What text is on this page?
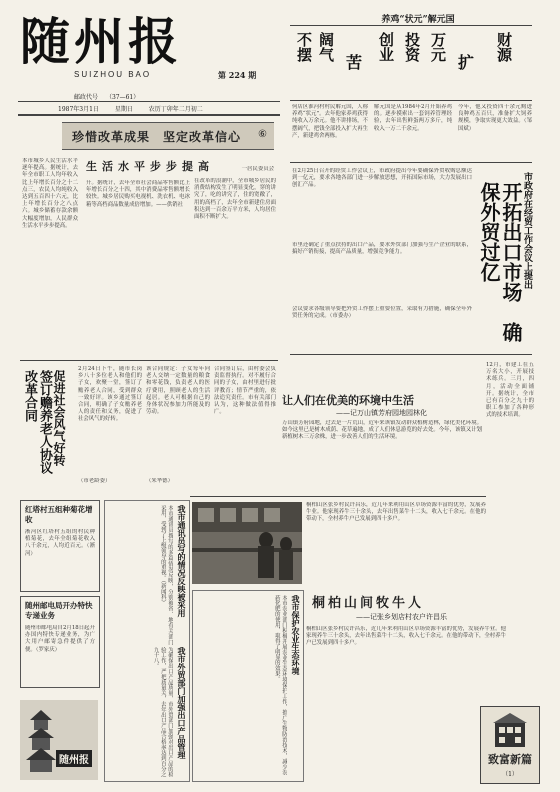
随州报
SUIZHOU BAO	第 224 期
邮政代号 （37—61）
1987年3月1日	星期日	农历丁卯年二月初二
养鸡“状元”解元国
不摆 阔气
苦
创业 投资 万元
扩
财源
何店区淮河村村民解元国，人称养鸡“状元”。去年他家养鸡获得纯收入万余元。他不讲排场，不摆阔气，把钱全部投入扩大再生产，新建鸡舍两栋。
解元国是从1984年2月开始养鸡的。逐步摸索出一套饲养管理经验，去年出售鲜蛋两万多斤，纯收入一万二千余元。
今年，他又投资四千余元购进良种鸡五百只，准备扩大饲养规模，争取实现更大效益。（邹国斌）
珍惜改革成果　坚定改革信心 ⑥
本市城乡人民生活水平逐年提高。据统计，去年全市职工人均年收入比上年增长百分之十二点三，农民人均纯收入达到五百四十六元，比上年增长百分之八点六。城乡储蓄存款余额大幅度增加，人民群众生活水平步步提高。
生活水平步步提高
升。据统计，去年全市社会商品零售额比上年增长百分之十四，其中消费品零售额增长较快。城乡居民购买电视机、洗衣机、电冰箱等高档商品数量成倍增加。——供销社
一居民委员会
在改革的浪潮中，全市城乡居民的消费结构发生了明显变化，穿的讲究了，吃的讲究了，住的宽敞了，用的高档了，去年全市新建住房面积达到一百余万平方米，人均居住面积不断扩大。
促进社会风气好转
签订赡养老人协议改革合同
2月24日下午，随市长岗乡八十多位老人和他们的子女，欢聚一堂，签订了赡养老人合同，受到群众一致好评。该乡通过签订合同，明确了子女赡养老人的责任和义务，促进了社会风气的好转。
（市老龄委）
该合同规定：子女每年向老人交纳一定数量的粮食和零花钱，负责老人的医疗费用，照顾老人的生活起居。老人可根据自己的身体状况参加力所能及的劳动。
（朱华德）
合同签订后，由村委会负责监督执行。对不履行合同的子女，由村里进行批评教育；情节严重的，依法追究责任。市有关部门认为，这种做法值得推广。
市政府在经贸工作会议上提出
开拓出口市场　确保外贸过亿
在2月25日召开的经贸工作会议上，市政府提出今年要确保外贸收购总额达到一亿元，要求各地各部门进一步解放思想，开拓国际市场，大力发展出口创汇产品。
市里还确定了重点扶持的出口产品，要求外贸部门加强与生产企业的联系，搞好产销衔接，提高产品质量，增强竞争能力。
会议要求各级领导要把外贸工作摆上重要位置，采取有力措施，确保全年外贸任务的完成。（市委办）
让人们在优美的环境中生活
——记万山镇芳府园地园林化
万山镇芳府园地，过去是一片荒山，近年来该镇发动群众植树造林，绿化美化环境。如今这里已是树木成荫、花草遍地，成了人们休息游览的好去处。今年，该镇又计划新植树木三万余株，进一步改善人们的生活环境。
12月，市建工在五万名大小，开展技术练兵。三月，四月，活动全面铺开。据统计，全市已有百分之九十的职工参加了各种形式的技术培训。
桐柏山间牧牛人
——记张乡划店村农户许昌乐
桐柏山区张乡村民许昌乐，近几年来利用山区草场资源丰富的优势，发展养牛业。他家现养牛三十余头，去年出售菜牛十二头，收入七千余元。在他的带动下，全村养牛户已发展到四十多户。
桐柏山区张乡村民许昌乐，近几年来利用山区草场资源丰富的优势，发展养牛业。他家现养牛三十余头，去年出售菜牛十二头，收入七千余元。在他的带动下，全村养牛户已发展到四十多户。
红塔村五组种菊花增收
淅河区红塔村五组的村民种植菊花，去年全组菊花收入八千余元，人均近百元。（淅河）
随州邮电局开办特快专递业务
随州市邮电局自2月18日起开办国内特快专递业务，为广大用户邮寄急件提供了方便。（罗家庆）
随州报
我市通讯员写的情况反映被采用
本市通讯员撰写的多篇情况反映，分别被省、地有关部门采用，受到了上级领导的重视。（新闻科）
我市外贸部门加强出口产品管理
为确保出口产品质量，市外贸部门加强对出口产品的检验工作，严把质量关，去年出口产品合格率达到百分之九十八。	我市保护农业生态环境
本市农业部门积极开展农业生态环境保护工作，推广生物防治技术，减少农药化肥的使用，取得了明显的效果。
致富新篇
（1）
